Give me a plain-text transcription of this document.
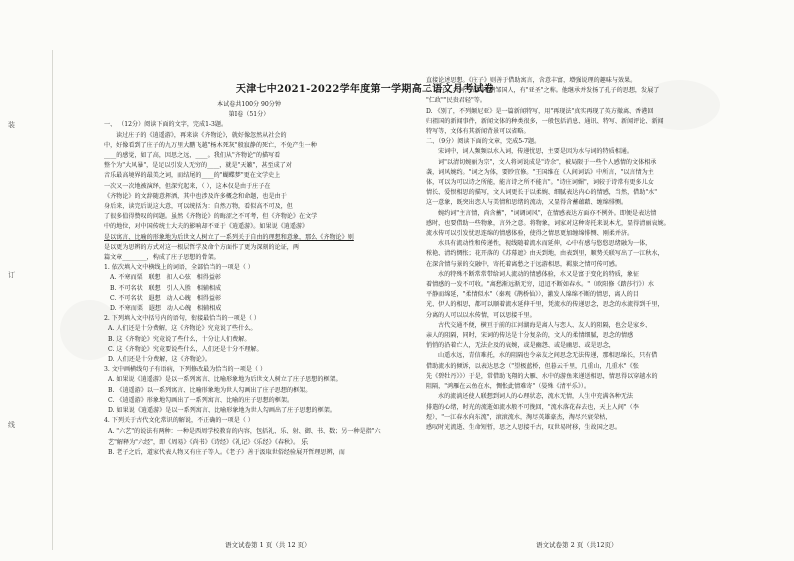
装
订
线
天津七中2021-2022学年度第一学期高二语文月考试卷
本试卷共100分 90分钟
第Ⅰ卷（51分）

一、 （12分）阅读下面的文字，完成1-3题。

读过庄子的《逍遥游》，再来读《齐物论》，就好像忽然从社会的

中，好像看到了庄子的九万里大鹏飞越"杨木死灰"般寂静的死亡，不免产生一种

____的感觉，如了高，因思之远，____。我们从"齐物论"的描写看

整个为"大风暴"，是足以引发人无穷的____，就是"天籁"，甚至成了对

音乐最高境界的最美之词，而结尾的____的"蝴蝶梦"更在文学史上

一次又一次地被演绎，但深究起来，（ ），这本仅是由于庄子在

《齐物论》的文辞随意挥洒，其中也涉及许多概念和命题，也是由于

身后来，读完后说这大意，可以统括为：自然万物，看似高不可及，但

了很多值得赞叹的问题。虽然《齐物论》的晦涩之不可考，但《齐物论》在文学

中的地位，对中国传统士大夫的影响却不亚于《逍遥游》。如果说《逍遥游》

是以寓言、比喻的形象地为后世文人树立了一系列关于自由的理想和意象，那么《齐物论》则

是以更为思辨的方式对这一根层哲学及命个方面作了更为深刻的论证，两

篇文章________，构成了庄子思想的骨架。

1. 依次填入文中横线上的词语，全部恰当的一项是（ ）

A. 不寒而栗   联想   扣人心弦   相得益彰

B. 不可名状   联想   引人入胜   相辅相成

C. 不可名状   遐想   动人心魄   相得益彰

D. 不寒而栗   遐想   动人心魄   相辅相成

2. 下列填入文中括号内的语句，衔接最恰当的一项是（ ）

A. 人们还是十分费解，这《齐物论》究竟说了些什么。

B. 这《齐物论》究竟说了些什么，十分让人们费解。

C. 这《齐物论》究竟要说些什么，人们还是十分不理解。

D. 人们还是十分费解，这《齐物论》。

3. 文中画横线句子有语病，下列修改最为恰当的一项是（ ）

A. 如果说《逍遥游》是以一系列寓言、比喻形象地为后世文人树立了庄子思想的框架。

B. 《逍遥游》以一系列寓言、比喻形象地为世人勾画出了庄子思想的框架。

C. 《逍遥游》形象地勾画出了一系列寓言、比喻的庄子思想的框架。

D. 如果说《逍遥游》是以一系列寓言、比喻形象地为世人勾画出了庄子思想的框架。

4. 下列关于古代文化常识的解说，不正确的一项是（ ）

A. "六艺"的说法有两种：一种是西周学校教育的内容，包括礼、乐、射、御、书、数；另一种是指"六艺"解释为"六经"，即《周易》《尚书》《诗经》《礼记》《乐经》《春秋》。 乐

B. 老子之后，道家代表人物又有庄子等人。《老子》善于汲取世俗经验展开哲理思辨，而

直接论述思想。《庄子》则善于借助寓言，含意丰富，增强说理的趣味与效果。

C. 孟子，名轲，战国时期邹国人，有"亚圣"之称。他继承并发扬了孔子的思想，发展了

"仁政""民贵君轻"等。

D. 《别了，不列颠尼亚》是一篇新闻特写，用"再现法"真实再现了英方撤离、香港回

归祖国的新闻事件，新闻文体的种类很多，一般包括消息、通讯、特写、新闻评论、新闻

特写等，文体有其新闻背景可以省略。

二、（9分）阅读下面的文章，完成5-7题。

宋词中，词人频频以水入词，传递忧思，主要是因为水与词的特质相通。

词"以清切婉丽为宗"，文人将词说成是"诗余"，被局限于一些个人感情的文体相承

袭，词风婉约。"词之为体，要眇宜修。"王国维在《人间词话》中所言，"以言情为主

体，可以为可以诗之所能，能言诗之所不能言"。"诗庄词媚"，词较于诗常有更多儿女

情长、爱恨相思的描写，文人词更长于以柔婉、细腻表达内心的情感，当然，借助"水"

这一意象，既突出恋人与美情和思绪的流动，又显得含蓄蕴藉、缠绵悱恻。

婉约词"主言情，尚含蓄"，"词调词风"，在情感表达方面亦不例外。即便是表达情

感时，也要借助一些物象，言外之意。将物象，词家对这种寄托来说本尤，显得清丽哀婉。

流水传可以引发忧思连绵的情感体验，使得之情思更加缠绵悱恻、刚柔并济。

水具有流动性和传递性，视线随着流水而延伸，心中有感与悠悠思绪融为一体，

秾艳、清约惆怅；花开落的《苏幕遮》由天到地，由表到里，顺势关联写出了一江秋水，

在深含情与景的交融中，寄托着离愁之于远游相思，羁旅之情可传可感。

水的特殊不断常常带给词人流动的情感体验，水又是富于变化的特质，象征

着情感的一发不可收。"离愁渐远渐无穷，迢迢不断如春水。"（欧阳修《踏莎行》）水

平静而绵延，"柔情似水"（秦观《鹊桥仙》），激发人绵绵不断的情思，离人的目

光、伊人的相思，都可以顺着流水延伸千里，凭流水的传递思念，思念的水流得到千里，

分离的人可以以水传情，可以思接千里。

古代交通不便，横亘于前的江河湖海是离人与恋人、友人的阻隔，也会是家乡、

亲人的阻隔，同时，宋词的传达是十分复杂的，文人的柔情细腻，思念的情感

悄悄的沿着亡人，无法企及的哀婉，或是幽怨、或是幽思、或是思念，

山遥水远，青信难托，水的阻隔也令亲友之间思念无法传递，那相思绵长，只有借

借助流水的倾诉，以表达思念（"望极蓝桥，但暮云千里，几重山，几重水"《张

先《碧牡丹》》）于是，常借助飞翔的大雁、水中的游鱼来递送相思，情思得以穿越水的

阻隔，"鸿雁在云鱼在水，惆怅此情难寄"（晏殊《清平乐》）。

水的流淌还使人联想到词人的心理状态，流水无情，人生中充满各种无法

排遣的心绪，时光的流逝如流水般不可挽回，"流水落花春去也，天上人间"（李

煜），"一江春水向东流"，滚滚流水，淘尽英雄豪杰，淘尽兴衰荣枯，

感叹时光流逝、生命短暂，思之人思接千古，叹世易时移，生故国之思。

语文试卷第 1 页（共 12 页）	语文试卷第 2 页（共12页）
